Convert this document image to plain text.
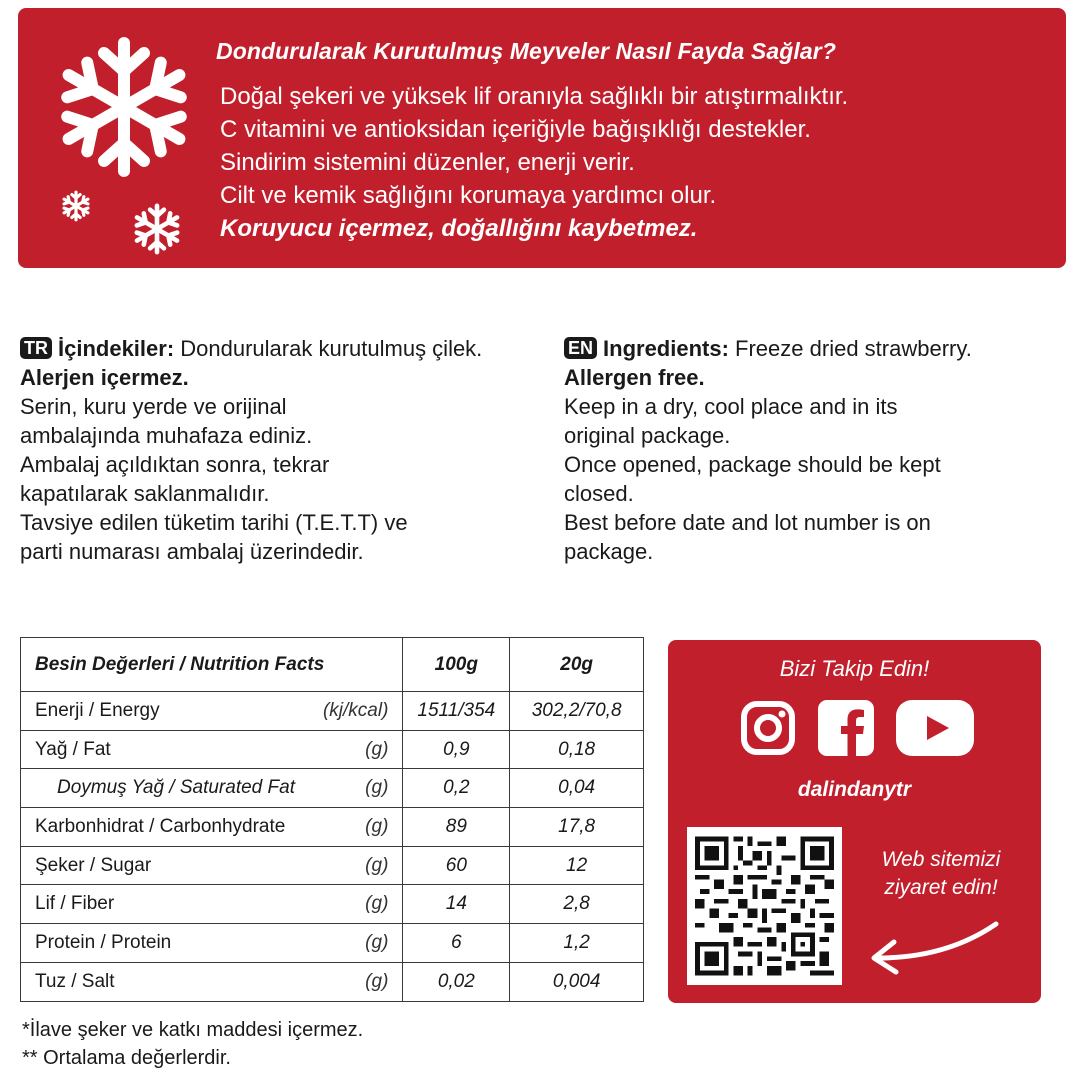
Dondurularak Kurutulmuş Meyveler Nasıl Fayda Sağlar?
Doğal şekeri ve yüksek lif oranıyla sağlıklı bir atıştırmalıktır.
C vitamini ve antioksidan içeriğiyle bağışıklığı destekler.
Sindirim sistemini düzenler, enerji verir.
Cilt ve kemik sağlığını korumaya yardımcı olur.
Koruyucu içermez, doğallığını kaybetmez.
TR İçindekiler: Dondurularak kurutulmuş çilek.
Alerjen içermez.
Serin, kuru yerde ve orijinal
ambalajında muhafaza ediniz.
Ambalaj açıldıktan sonra, tekrar
kapatılarak saklanmalıdır.
Tavsiye edilen tüketim tarihi (T.E.T.T) ve
parti numarası ambalaj üzerindedir.
EN Ingredients: Freeze dried strawberry.
Allergen free.
Keep in a dry, cool place and in its
original package.
Once opened, package should be kept
closed.
Best before date and lot number is on
package.
Besin Değerleri / Nutrition Facts	100g	20g

Enerji / Energy (kj/kcal)	1511/354	302,2/70,8

Yağ / Fat (g)	0,9	0,18

Doymuş Yağ / Saturated Fat (g)	0,2	0,04

Karbonhidrat / Carbonhydrate (g)	89	17,8

Şeker / Sugar (g)	60	12

Lif / Fiber (g)	14	2,8

Protein / Protein (g)	6	1,2

Tuz / Salt (g)	0,02	0,004
*İlave şeker ve katkı maddesi içermez.
** Ortalama değerlerdir.
Bizi Takip Edin!
dalindanytr
Web sitemizi
ziyaret edin!
